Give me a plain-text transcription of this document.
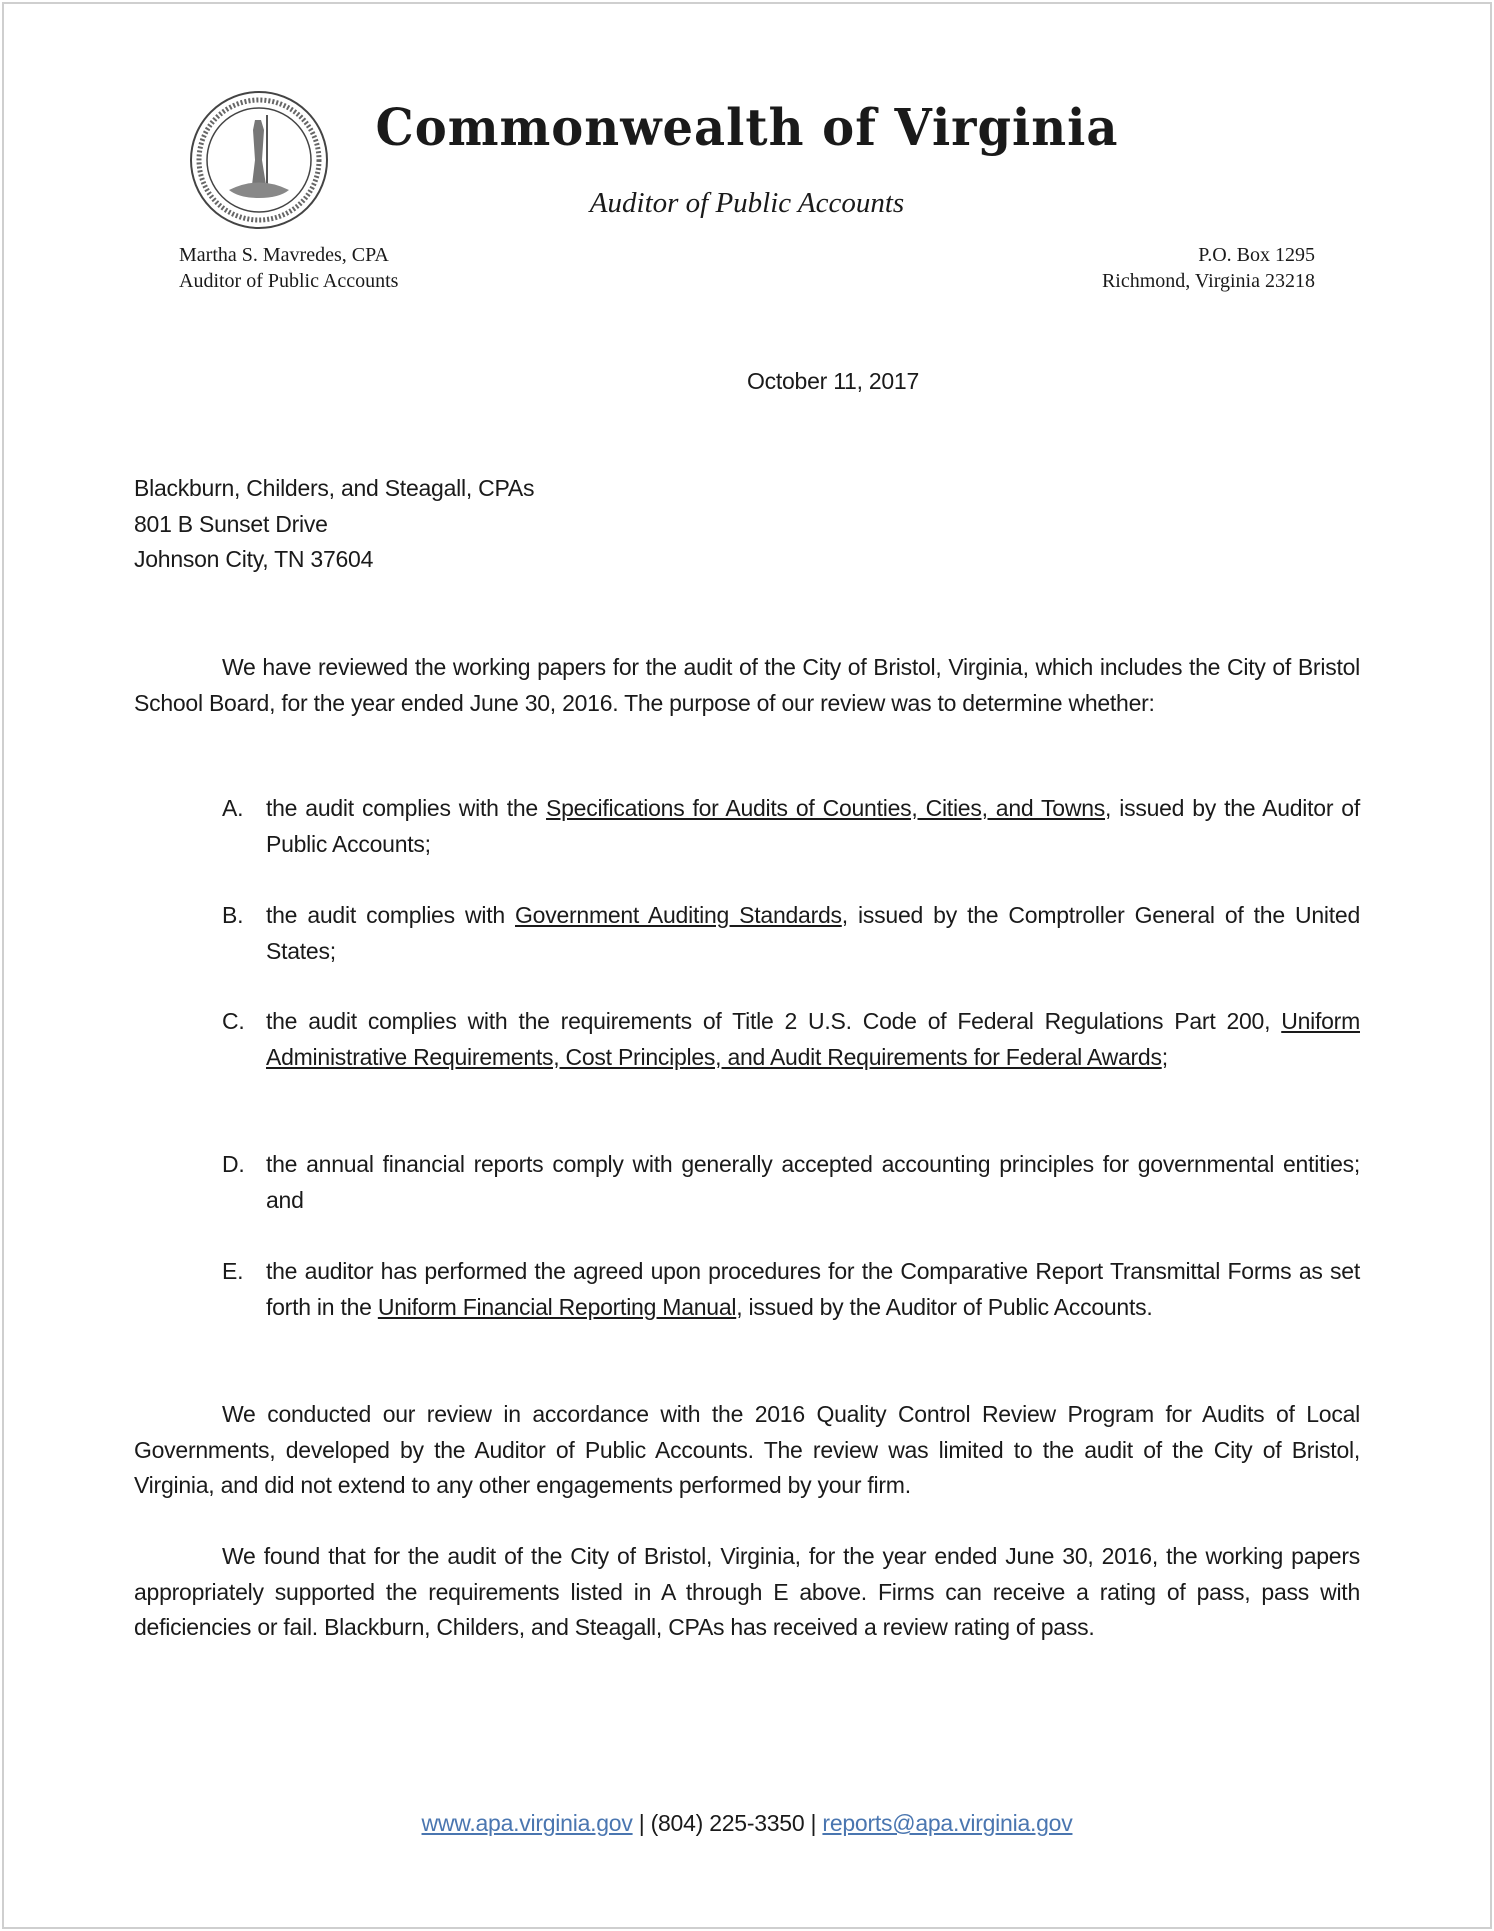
Commonwealth of Virginia
Auditor of Public Accounts
Martha S. Mavredes, CPA
Auditor of Public Accounts
P.O. Box 1295
Richmond, Virginia 23218
October 11, 2017
Blackburn, Childers, and Steagall, CPAs
801 B Sunset Drive
Johnson City, TN 37604
We have reviewed the working papers for the audit of the City of Bristol, Virginia, which includes the City of Bristol School Board, for the year ended June 30, 2016. The purpose of our review was to determine whether:
A. the audit complies with the Specifications for Audits of Counties, Cities, and Towns, issued by the Auditor of Public Accounts;
B. the audit complies with Government Auditing Standards, issued by the Comptroller General of the United States;
C. the audit complies with the requirements of Title 2 U.S. Code of Federal Regulations Part 200, Uniform Administrative Requirements, Cost Principles, and Audit Requirements for Federal Awards;
D. the annual financial reports comply with generally accepted accounting principles for governmental entities; and
E. the auditor has performed the agreed upon procedures for the Comparative Report Transmittal Forms as set forth in the Uniform Financial Reporting Manual, issued by the Auditor of Public Accounts.
We conducted our review in accordance with the 2016 Quality Control Review Program for Audits of Local Governments, developed by the Auditor of Public Accounts. The review was limited to the audit of the City of Bristol, Virginia, and did not extend to any other engagements performed by your firm.
We found that for the audit of the City of Bristol, Virginia, for the year ended June 30, 2016, the working papers appropriately supported the requirements listed in A through E above. Firms can receive a rating of pass, pass with deficiencies or fail. Blackburn, Childers, and Steagall, CPAs has received a review rating of pass.
www.apa.virginia.gov | (804) 225-3350 | reports@apa.virginia.gov
